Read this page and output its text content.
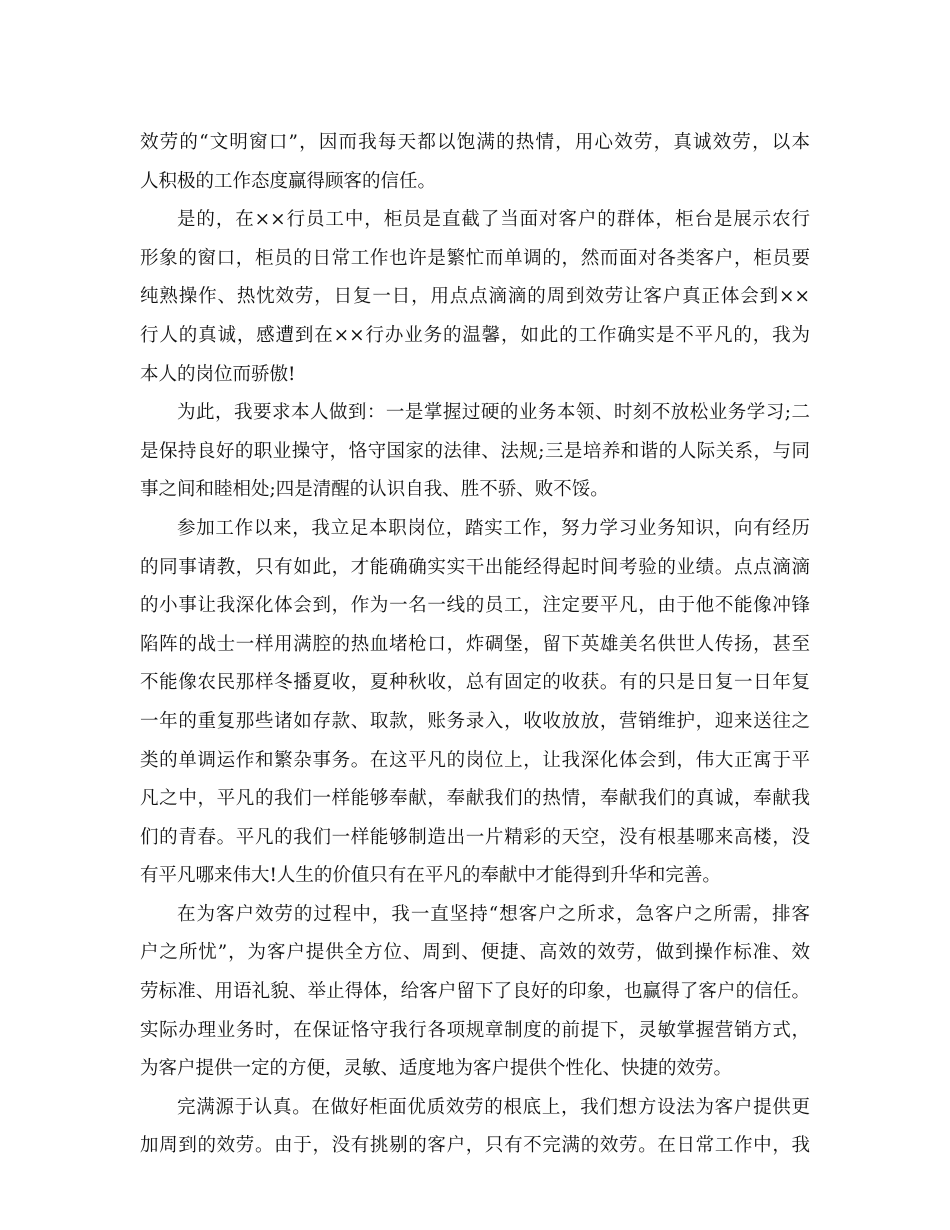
效劳的“文明窗口”，因而我每天都以饱满的热情，用心效劳，真诚效劳，以本
人积极的工作态度赢得顾客的信任。
是的，在××行员工中，柜员是直截了当面对客户的群体，柜台是展示农行
形象的窗口，柜员的日常工作也许是繁忙而单调的，然而面对各类客户，柜员要
纯熟操作、热忱效劳，日复一日，用点点滴滴的周到效劳让客户真正体会到××
行人的真诚，感遭到在××行办业务的温馨，如此的工作确实是不平凡的，我为
本人的岗位而骄傲!
为此，我要求本人做到：一是掌握过硬的业务本领、时刻不放松业务学习;二
是保持良好的职业操守，恪守国家的法律、法规;三是培养和谐的人际关系，与同
事之间和睦相处;四是清醒的认识自我、胜不骄、败不馁。
参加工作以来，我立足本职岗位，踏实工作，努力学习业务知识，向有经历
的同事请教，只有如此，才能确确实实干出能经得起时间考验的业绩。点点滴滴
的小事让我深化体会到，作为一名一线的员工，注定要平凡，由于他不能像冲锋
陷阵的战士一样用满腔的热血堵枪口，炸碉堡，留下英雄美名供世人传扬，甚至
不能像农民那样冬播夏收，夏种秋收，总有固定的收获。有的只是日复一日年复
一年的重复那些诸如存款、取款，账务录入，收收放放，营销维护，迎来送往之
类的单调运作和繁杂事务。在这平凡的岗位上，让我深化体会到，伟大正寓于平
凡之中，平凡的我们一样能够奉献，奉献我们的热情，奉献我们的真诚，奉献我
们的青春。平凡的我们一样能够制造出一片精彩的天空，没有根基哪来高楼，没
有平凡哪来伟大!人生的价值只有在平凡的奉献中才能得到升华和完善。
在为客户效劳的过程中，我一直坚持“想客户之所求，急客户之所需，排客
户之所忧”，为客户提供全方位、周到、便捷、高效的效劳，做到操作标准、效
劳标准、用语礼貌、举止得体，给客户留下了良好的印象，也赢得了客户的信任。
实际办理业务时，在保证恪守我行各项规章制度的前提下，灵敏掌握营销方式，
为客户提供一定的方便，灵敏、适度地为客户提供个性化、快捷的效劳。
完满源于认真。在做好柜面优质效劳的根底上，我们想方设法为客户提供更
加周到的效劳。由于，没有挑剔的客户，只有不完满的效劳。在日常工作中，我
